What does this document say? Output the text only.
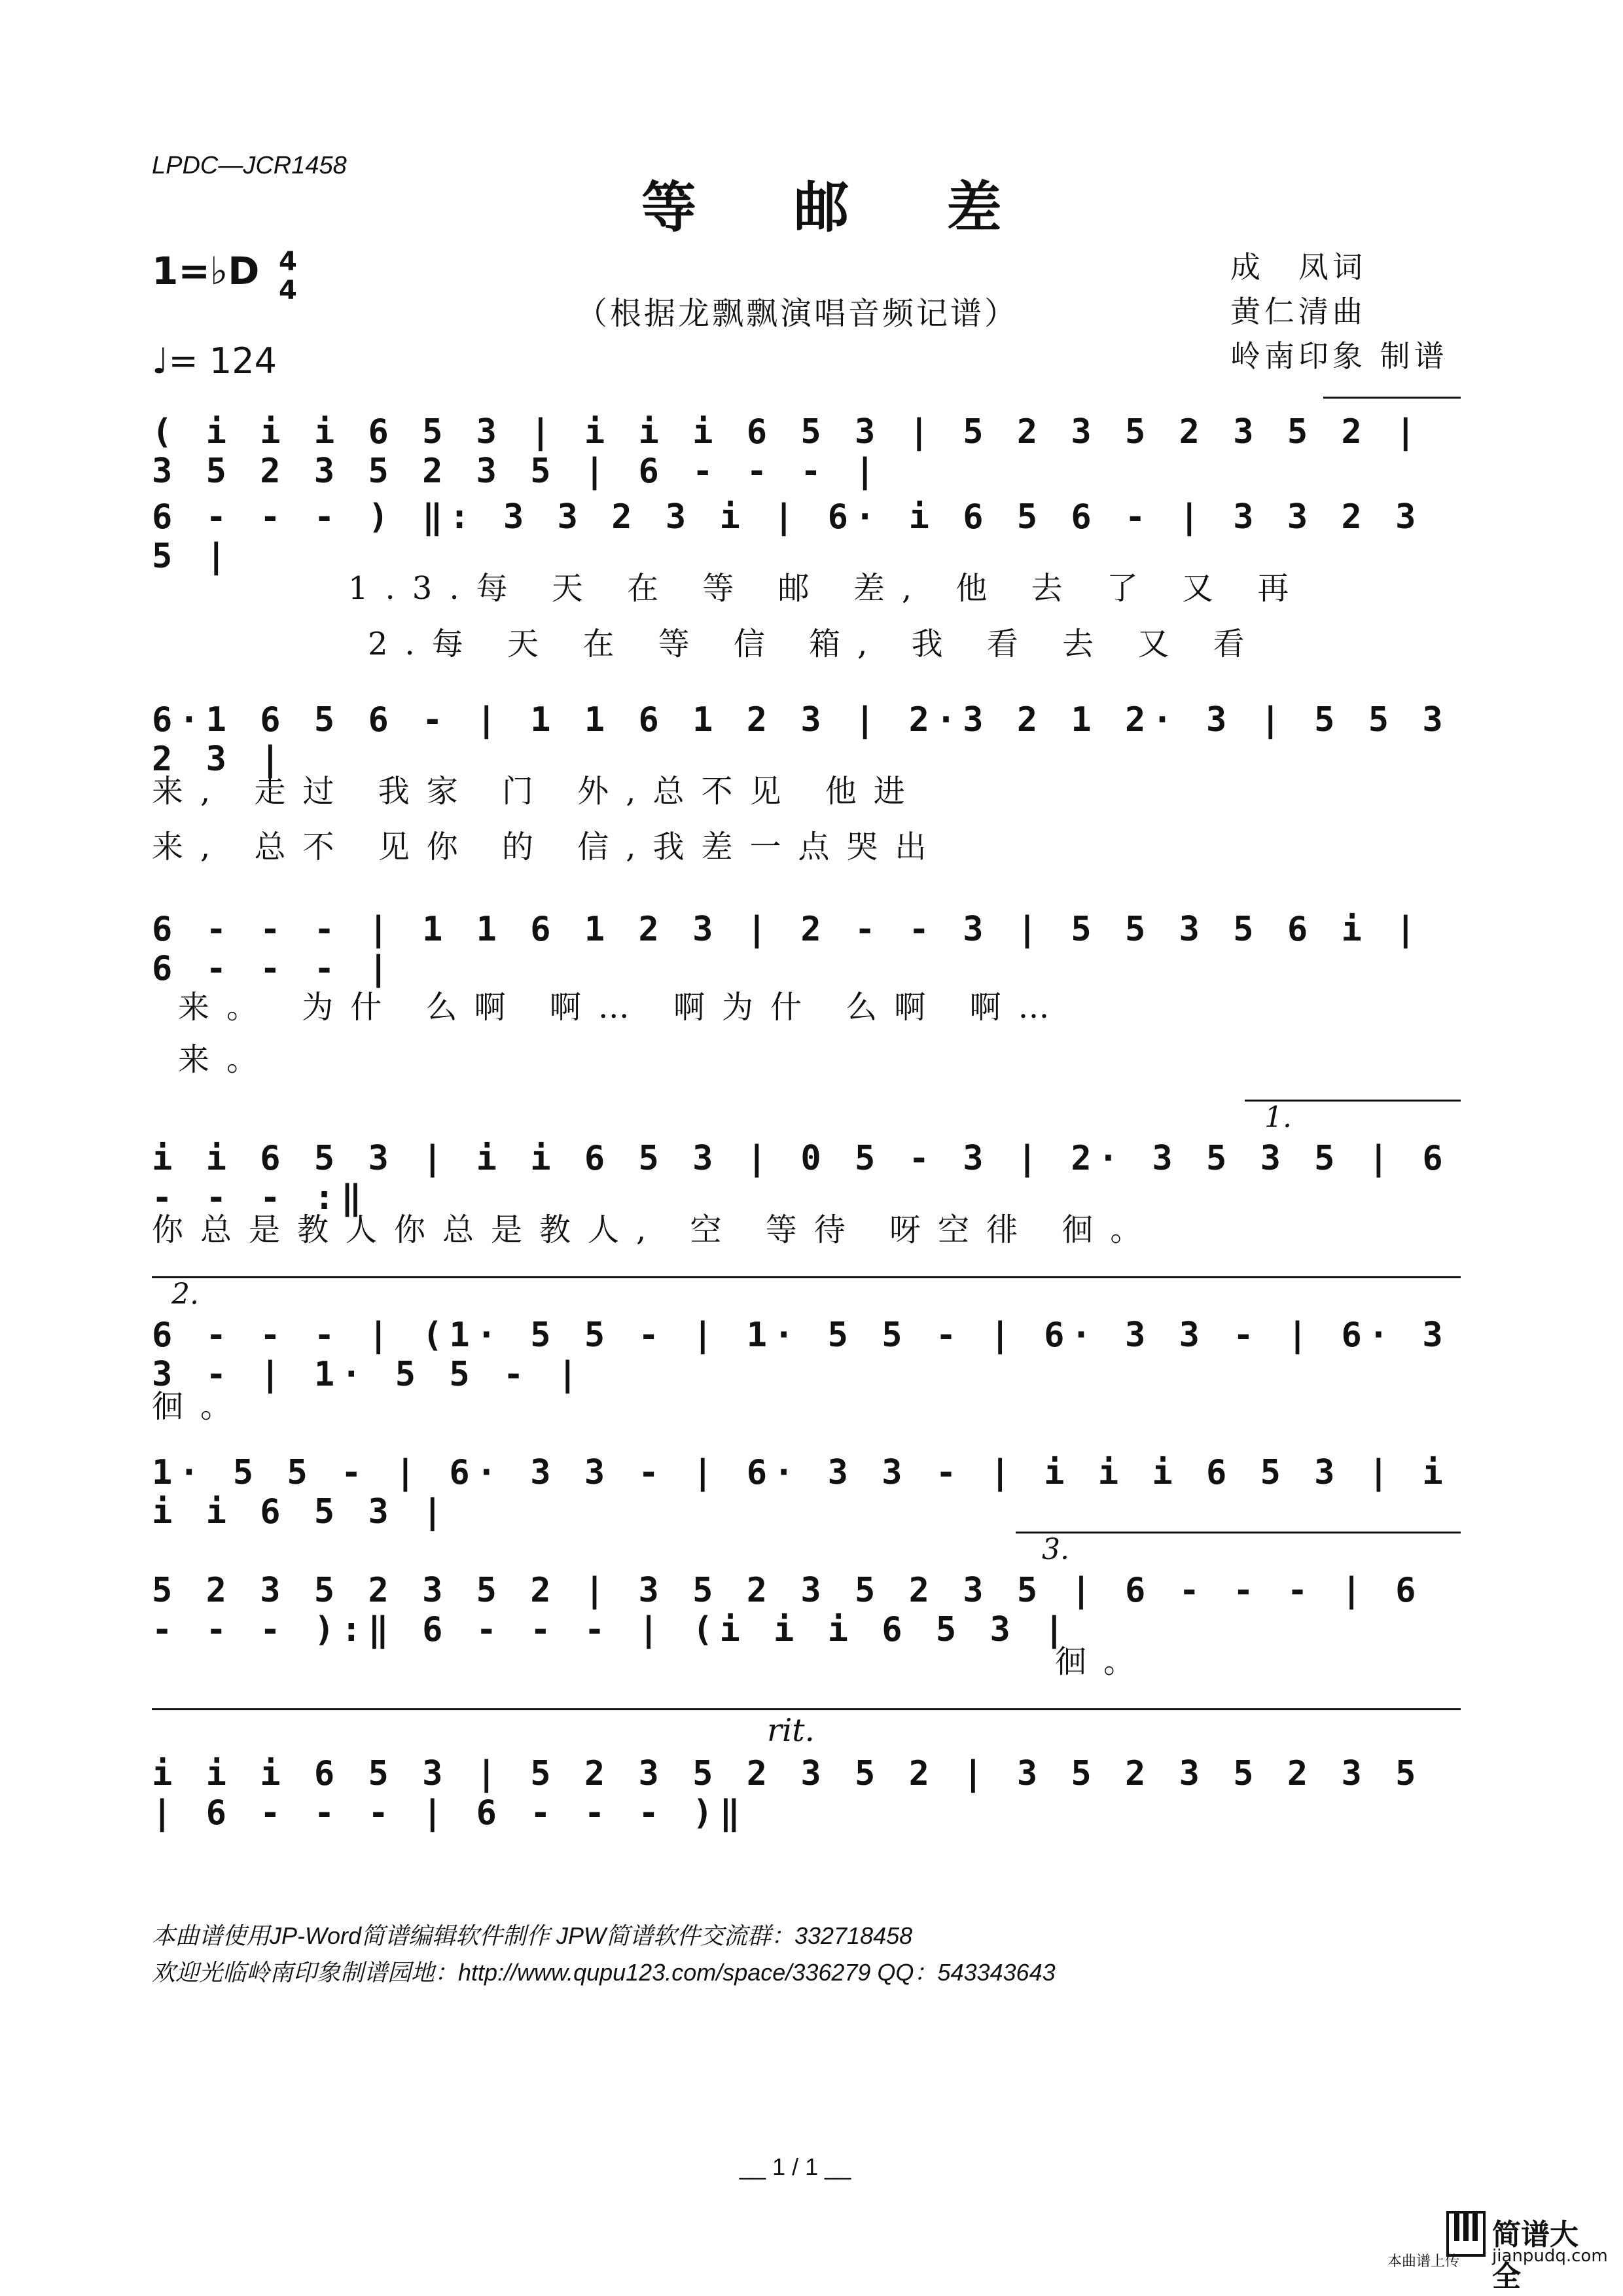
LPDC—JCR1458
等 邮 差
1=♭D 4
4
♩= 124
（根据龙飘飘演唱音频记谱）
成　凤词
黄仁清曲
岭南印象 制谱
( i i i 6 5 3 | i i i 6 5 3 | 5 2 3 5 2 3 5 2 | 3 5 2 3 5 2 3 5 | 6 - - - |
6 - - - ) ‖: 3 3 2 3 i | 6· i 6 5 6 - | 3 3 2 3 5 |
1.3.每 天 在 等 邮 差, 他 去 了 又 再
2.每 天 在 等 信 箱, 我 看 去 又 看
6·1 6 5 6 - | 1 1 6 1 2 3 | 2·3 2 1 2· 3 | 5 5 3 2 3 |
来, 走过 我家 门 外,总不见 他进
来, 总不 见你 的 信,我差一点哭出
6 - - - | 1 1 6 1 2 3 | 2 - - 3 | 5 5 3 5 6 i | 6 - - - |
来。 为什 么啊 啊… 啊为什 么啊 啊…
来。
1.
i i 6 5 3 | i i 6 5 3 | 0 5 - 3 | 2· 3 5 3 5 | 6 - - - :‖
你总是教人你总是教人, 空 等待 呀空徘 徊。
2.
6 - - - | (1· 5 5 - | 1· 5 5 - | 6· 3 3 - | 6· 3 3 - | 1· 5 5 - |
徊。
1· 5 5 - | 6· 3 3 - | 6· 3 3 - | i i i 6 5 3 | i i i 6 5 3 |
3.
5 2 3 5 2 3 5 2 | 3 5 2 3 5 2 3 5 | 6 - - - | 6 - - - ):‖ 6 - - - | (i i i 6 5 3 |
徊。
rit.
i i i 6 5 3 | 5 2 3 5 2 3 5 2 | 3 5 2 3 5 2 3 5 | 6 - - - | 6 - - - )‖
本曲谱使用JP-Word简谱编辑软件制作 JPW简谱软件交流群：332718458
欢迎光临岭南印象制谱园地：http://www.qupu123.com/space/336279 QQ：543343643
__ 1 / 1 __
本曲谱上传
简谱大全
jianpudq.com
